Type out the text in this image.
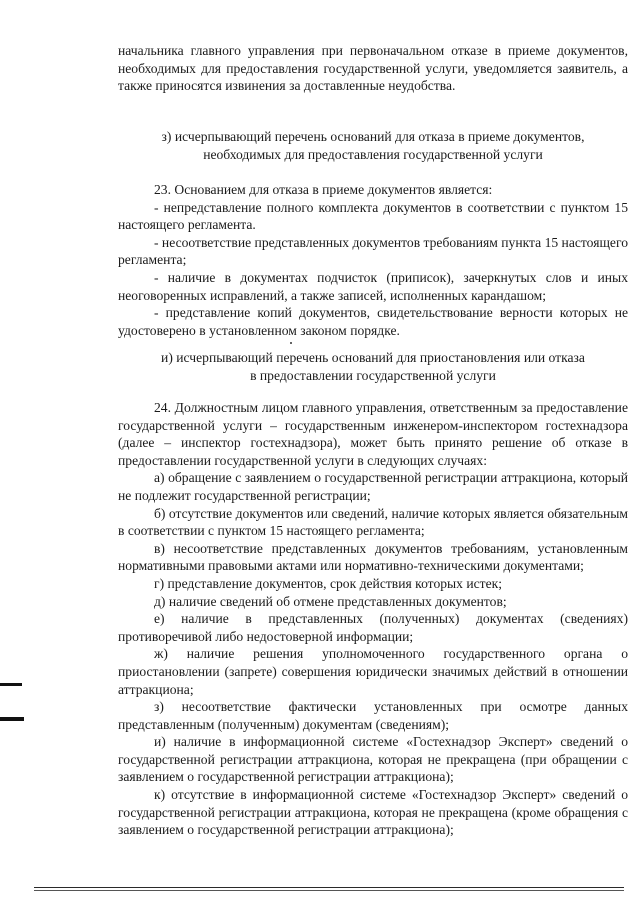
начальника главного управления при первоначальном отказе в приеме документов, необходимых для предоставления государственной услуги, уведомляется заявитель, а также приносятся извинения за доставленные неудобства.
з) исчерпывающий перечень оснований для отказа в приеме документов,
необходимых для предоставления государственной услуги
23. Основанием для отказа в приеме документов является:
- непредставление полного комплекта документов в соответствии с пунктом 15 настоящего регламента.
- несоответствие представленных документов требованиям пункта 15 настоящего регламента;
- наличие в документах подчисток (приписок), зачеркнутых слов и иных неоговоренных исправлений, а также записей, исполненных карандашом;
- представление копий документов, свидетельствование верности которых не удостоверено в установленном законом порядке.
и) исчерпывающий перечень оснований для приостановления или отказа
в предоставлении государственной услуги
24. Должностным лицом главного управления, ответственным за предоставление государственной услуги – государственным инженером-инспектором гостехнадзора (далее – инспектор гостехнадзора), может быть принято решение об отказе в предоставлении государственной услуги в следующих случаях:
а) обращение с заявлением о государственной регистрации аттракциона, который не подлежит государственной регистрации;
б) отсутствие документов или сведений, наличие которых является обязательным в соответствии с пунктом 15 настоящего регламента;
в) несоответствие представленных документов требованиям, установленным нормативными правовыми актами или нормативно-техническими документами;
г) представление документов, срок действия которых истек;
д) наличие сведений об отмене представленных документов;
е) наличие в представленных (полученных) документах (сведениях) противоречивой либо недостоверной информации;
ж) наличие решения уполномоченного государственного органа о приостановлении (запрете) совершения юридически значимых действий в отношении аттракциона;
з) несоответствие фактически установленных при осмотре данных представленным (полученным) документам (сведениям);
и) наличие в информационной системе «Гостехнадзор Эксперт» сведений о государственной регистрации аттракциона, которая не прекращена (при обращении с заявлением о государственной регистрации аттракциона);
к) отсутствие в информационной системе «Гостехнадзор Эксперт» сведений о государственной регистрации аттракциона, которая не прекращена (кроме обращения с заявлением о государственной регистрации аттракциона);
